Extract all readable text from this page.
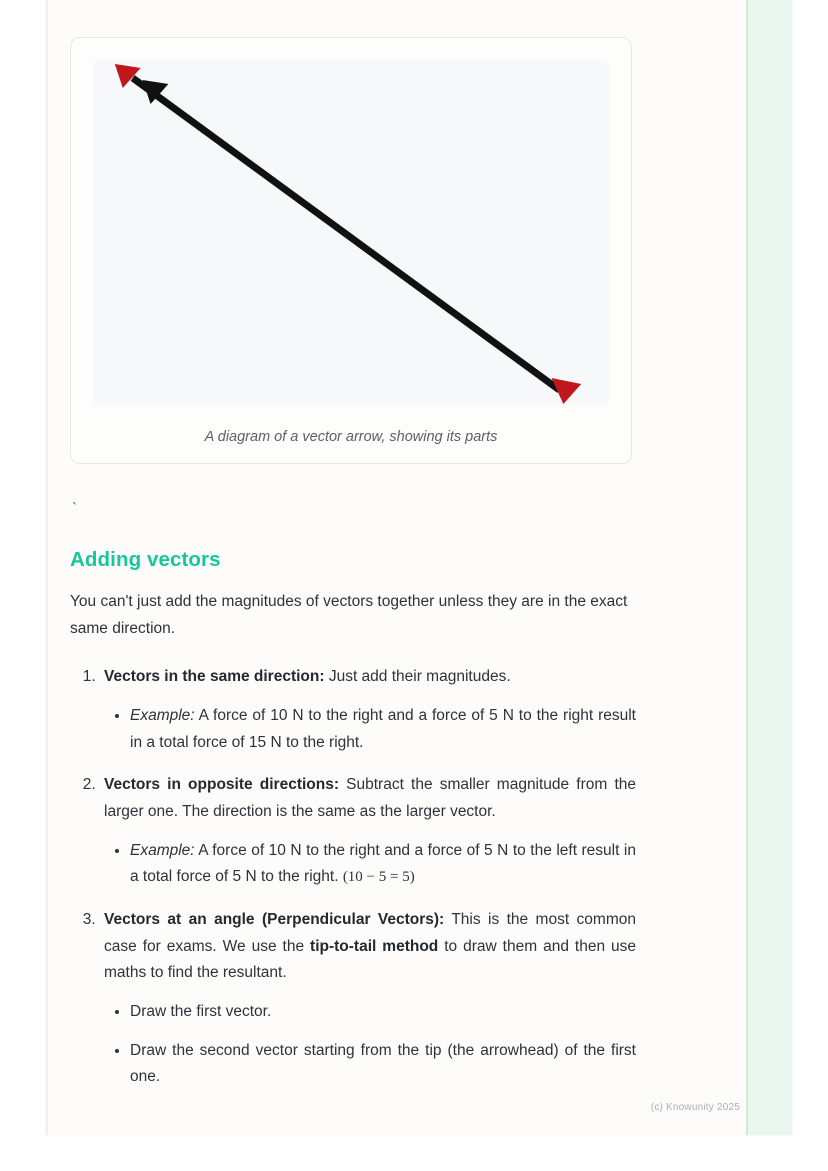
A diagram of a vector arrow, showing its parts
`
Adding vectors

You can't just add the magnitudes of vectors together unless they are in the exact same direction.

1. Vectors in the same direction: Just add their magnitudes.
• Example: A force of 10 N to the right and a force of 5 N to the right result in a total force of 15 N to the right.
2. Vectors in opposite directions: Subtract the smaller magnitude from the larger one. The direction is the same as the larger vector.
• Example: A force of 10 N to the right and a force of 5 N to the left result in a total force of 5 N to the right. (10 − 5 = 5)
3. Vectors at an angle (Perpendicular Vectors): This is the most common case for exams. We use the tip-to-tail method to draw them and then use maths to find the resultant.
• Draw the first vector.
• Draw the second vector starting from the tip (the arrowhead) of the first one.
(c) Knowunity 2025
